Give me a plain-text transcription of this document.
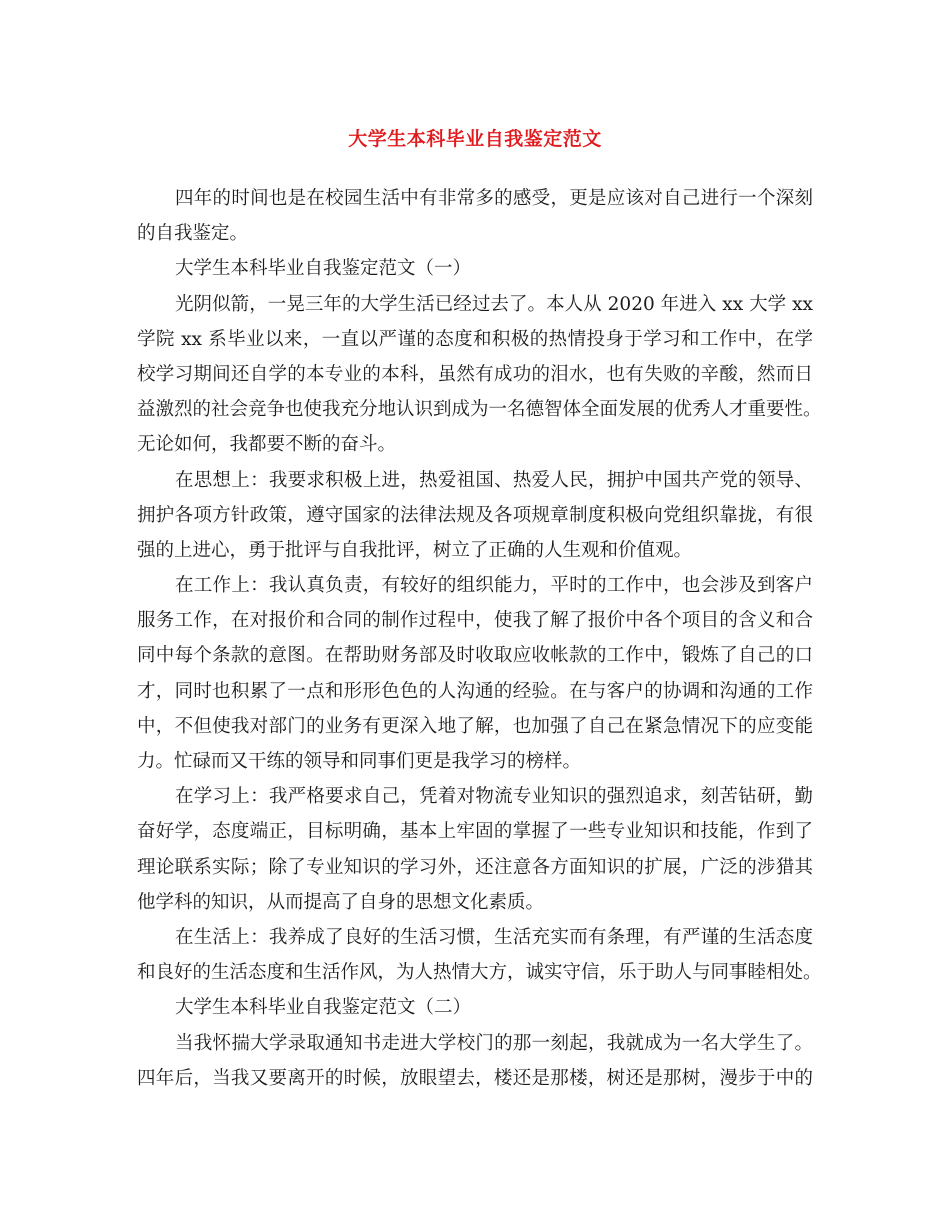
大学生本科毕业自我鉴定范文
四年的时间也是在校园生活中有非常多的感受，更是应该对自己进行一个深刻
的自我鉴定。
大学生本科毕业自我鉴定范文（一）
光阴似箭，一晃三年的大学生活已经过去了。本人从 2020 年进入 xx 大学 xx
学院 xx 系毕业以来，一直以严谨的态度和积极的热情投身于学习和工作中，在学
校学习期间还自学的本专业的本科，虽然有成功的泪水，也有失败的辛酸，然而日
益激烈的社会竞争也使我充分地认识到成为一名德智体全面发展的优秀人才重要性。
无论如何，我都要不断的奋斗。
在思想上：我要求积极上进，热爱祖国、热爱人民，拥护中国共产党的领导、
拥护各项方针政策，遵守国家的法律法规及各项规章制度积极向党组织靠拢，有很
强的上进心，勇于批评与自我批评，树立了正确的人生观和价值观。
在工作上：我认真负责，有较好的组织能力，平时的工作中，也会涉及到客户
服务工作，在对报价和合同的制作过程中，使我了解了报价中各个项目的含义和合
同中每个条款的意图。在帮助财务部及时收取应收帐款的工作中，锻炼了自己的口
才，同时也积累了一点和形形色色的人沟通的经验。在与客户的协调和沟通的工作
中，不但使我对部门的业务有更深入地了解，也加强了自己在紧急情况下的应变能
力。忙碌而又干练的领导和同事们更是我学习的榜样。
在学习上：我严格要求自己，凭着对物流专业知识的强烈追求，刻苦钻研，勤
奋好学，态度端正，目标明确，基本上牢固的掌握了一些专业知识和技能，作到了
理论联系实际；除了专业知识的学习外，还注意各方面知识的扩展，广泛的涉猎其
他学科的知识，从而提高了自身的思想文化素质。
在生活上：我养成了良好的生活习惯，生活充实而有条理，有严谨的生活态度
和良好的生活态度和生活作风，为人热情大方，诚实守信，乐于助人与同事睦相处。
大学生本科毕业自我鉴定范文（二）
当我怀揣大学录取通知书走进大学校门的那一刻起，我就成为一名大学生了。
四年后，当我又要离开的时候，放眼望去，楼还是那楼，树还是那树，漫步于中的
